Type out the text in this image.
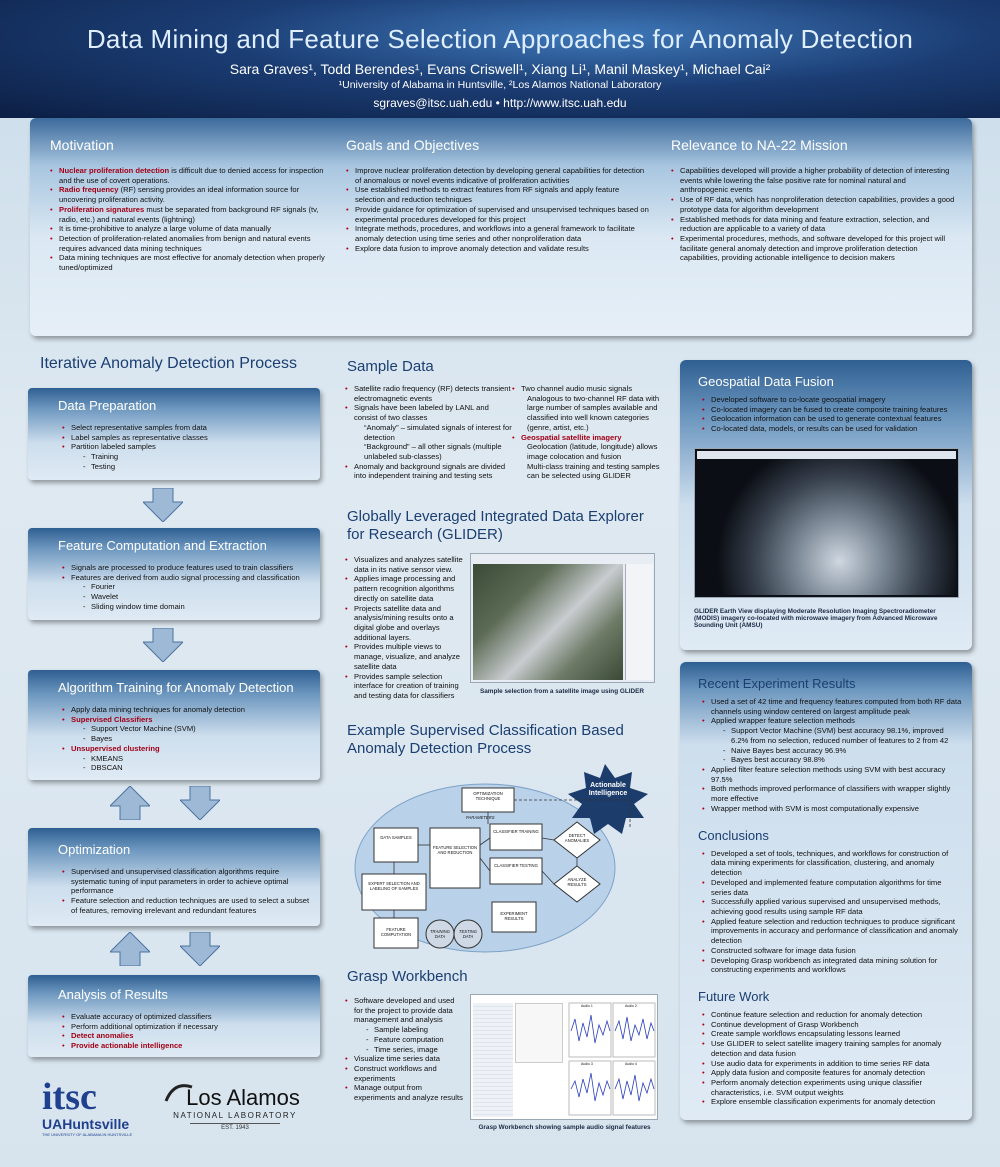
Data Mining and Feature Selection Approaches for Anomaly Detection
Sara Graves¹, Todd Berendes¹, Evans Criswell¹, Xiang Li¹, Manil Maskey¹, Michael Cai²
¹University of Alabama in Huntsville, ²Los Alamos National Laboratory
sgraves@itsc.uah.edu • http://www.itsc.uah.edu
Motivation	Goals and Objectives	Relevance to NA-22 Mission
• Nuclear proliferation detection is difficult due to denied access for inspection and the use of covert operations.
• Radio frequency (RF) sensing provides an ideal information source for uncovering proliferation activity.
• Proliferation signatures must be separated from background RF signals (tv, radio, etc.) and natural events (lightning)
• It is time-prohibitive to analyze a large volume of data manually
• Detection of proliferation-related anomalies from benign and natural events requires advanced data mining techniques
• Data mining techniques are most effective for anomaly detection when properly tuned/optimized
• Improve nuclear proliferation detection by developing general capabilities for detection of anomalous or novel events indicative of proliferation activities
• Use established methods to extract features from RF signals and apply feature selection and reduction techniques
• Provide guidance for optimization of supervised and unsupervised techniques based on experimental procedures developed for this project
• Integrate methods, procedures, and workflows into a general framework to facilitate anomaly detection using time series and other nonproliferation data
• Explore data fusion to improve anomaly detection and validate results
• Capabilities developed will provide a higher probability of detection of interesting events while lowering the false positive rate for nominal natural and anthropogenic events
• Use of RF data, which has nonproliferation detection capabilities, provides a good prototype data for algorithm development
• Established methods for data mining and feature extraction, selection, and reduction are applicable to a variety of data
• Experimental procedures, methods, and software developed for this project will facilitate general anomaly detection and improve proliferation detection capabilities, providing actionable intelligence to decision makers
Iterative Anomaly Detection Process
Data Preparation
• Select representative samples from data
• Label samples as representative classes
• Partition labeled samples
- Training
- Testing
Feature Computation and Extraction
• Signals are processed to produce features used to train classifiers
• Features are derived from audio signal processing and classification
- Fourier
- Wavelet
- Sliding window time domain
Algorithm Training for Anomaly Detection
• Apply data mining techniques for anomaly detection
• Supervised Classifiers
- Support Vector Machine (SVM)
- Bayes
• Unsupervised clustering
- KMEANS
- DBSCAN
Optimization
• Supervised and unsupervised classification algorithms require systematic tuning of input parameters in order to achieve optimal performance
• Feature selection and reduction techniques are used to select a subset of features, removing irrelevant and redundant features
Analysis of Results
• Evaluate accuracy of optimized classifiers
• Perform additional optimization if necessary
• Detect anomalies
• Provide actionable intelligence
itsc
UAHuntsville
THE UNIVERSITY OF ALABAMA IN HUNTSVILLE
Los Alamos
NATIONAL LABORATORY
EST. 1943
Sample Data
• Satellite radio frequency (RF) detects transient electromagnetic events
• Signals have been labeled by LANL and consist of two classes
“Anomaly” – simulated signals of interest for detection
“Background” – all other signals (multiple unlabeled sub-classes)
• Anomaly and background signals are divided into independent training and testing sets
• Two channel audio music signals
Analogous to two-channel RF data with large number of samples available and classified into well known categories (genre, artist, etc.)
• Geospatial satellite imagery
Geolocation (latitude, longitude) allows image colocation and fusion
Multi-class training and testing samples can be selected using GLIDER
Globally Leveraged Integrated Data Explorer for Research (GLIDER)
• Visualizes and analyzes satellite data in its native sensor view.
• Applies image processing and pattern recognition algorithms directly on satellite data
• Projects satellite data and analysis/mining results onto a digital globe and overlays additional layers.
• Provides multiple views to manage, visualize, and analyze satellite data
• Provides sample selection interface for creation of training and testing data for classifiers	Sample selection from a satellite image using GLIDER
Example Supervised Classification Based Anomaly Detection Process
Actionable Intelligence
OPTIMIZATION TECHNIQUE
PARAMETERS
DATA SAMPLES
EXPERT SELECTION AND LABELING OF SAMPLES
FEATURE SELECTION AND REDUCTION
CLASSIFIER TRAINING
CLASSIFIER TESTING
DETECT ANOMALIES
ANALYZE RESULTS
FEATURE COMPUTATION
TRAINING DATA
TESTING DATA
EXPERIMENT RESULTS
Grasp Workbench
• Software developed and used for the project to provide data management and analysis
- Sample labeling
- Feature computation
- Time series, image
• Visualize time series data
• Construct workflows and experiments
• Manage output from experiments and analyze results
Audio 1	Audio 2
Audio 3	Audio 4
Grasp Workbench showing sample audio signal features
Geospatial Data Fusion
• Developed software to co-locate geospatial imagery
• Co-located imagery can be fused to create composite training features
• Geolocation information can be used to generate contextual features
• Co-located data, models, or results can be used for validation
GLIDER Earth View displaying Moderate Resolution Imaging Spectroradiometer (MODIS) imagery co-located with microwave imagery from Advanced Microwave Sounding Unit (AMSU)
Recent Experiment Results
• Used a set of 42 time and frequency features computed from both RF data channels using window centered on largest amplitude peak
• Applied wrapper feature selection methods
- Support Vector Machine (SVM) best accuracy 98.1%, improved 6.2% from no selection, reduced number of features to 2 from 42
- Naive Bayes best accuracy 96.9%
- Bayes best accuracy 98.8%
• Applied filter feature selection methods using SVM with best accuracy 97.5%
• Both methods improved performance of classifiers with wrapper slightly more effective
• Wrapper method with SVM is most computationally expensive
Conclusions
• Developed a set of tools, techniques, and workflows for construction of data mining experiments for classification, clustering, and anomaly detection
• Developed and implemented feature computation algorithms for time series data
• Successfully applied various supervised and unsupervised methods, achieving good results using sample RF data
• Applied feature selection and reduction techniques to produce significant improvements in accuracy and performance of classification and anomaly detection
• Constructed software for image data fusion
• Developing Grasp workbench as integrated data mining solution for constructing experiments and workflows
Future Work
• Continue feature selection and reduction for anomaly detection
• Continue development of Grasp Workbench
• Create sample workflows encapsulating lessons learned
• Use GLIDER to select satellite imagery training samples for anomaly detection and data fusion
• Use audio data for experiments in addition to time series RF data
• Apply data fusion and composite features for anomaly detection
• Perform anomaly detection experiments using unique classifier characteristics, i.e. SVM output weights
• Explore ensemble classification experiments for anomaly detection
